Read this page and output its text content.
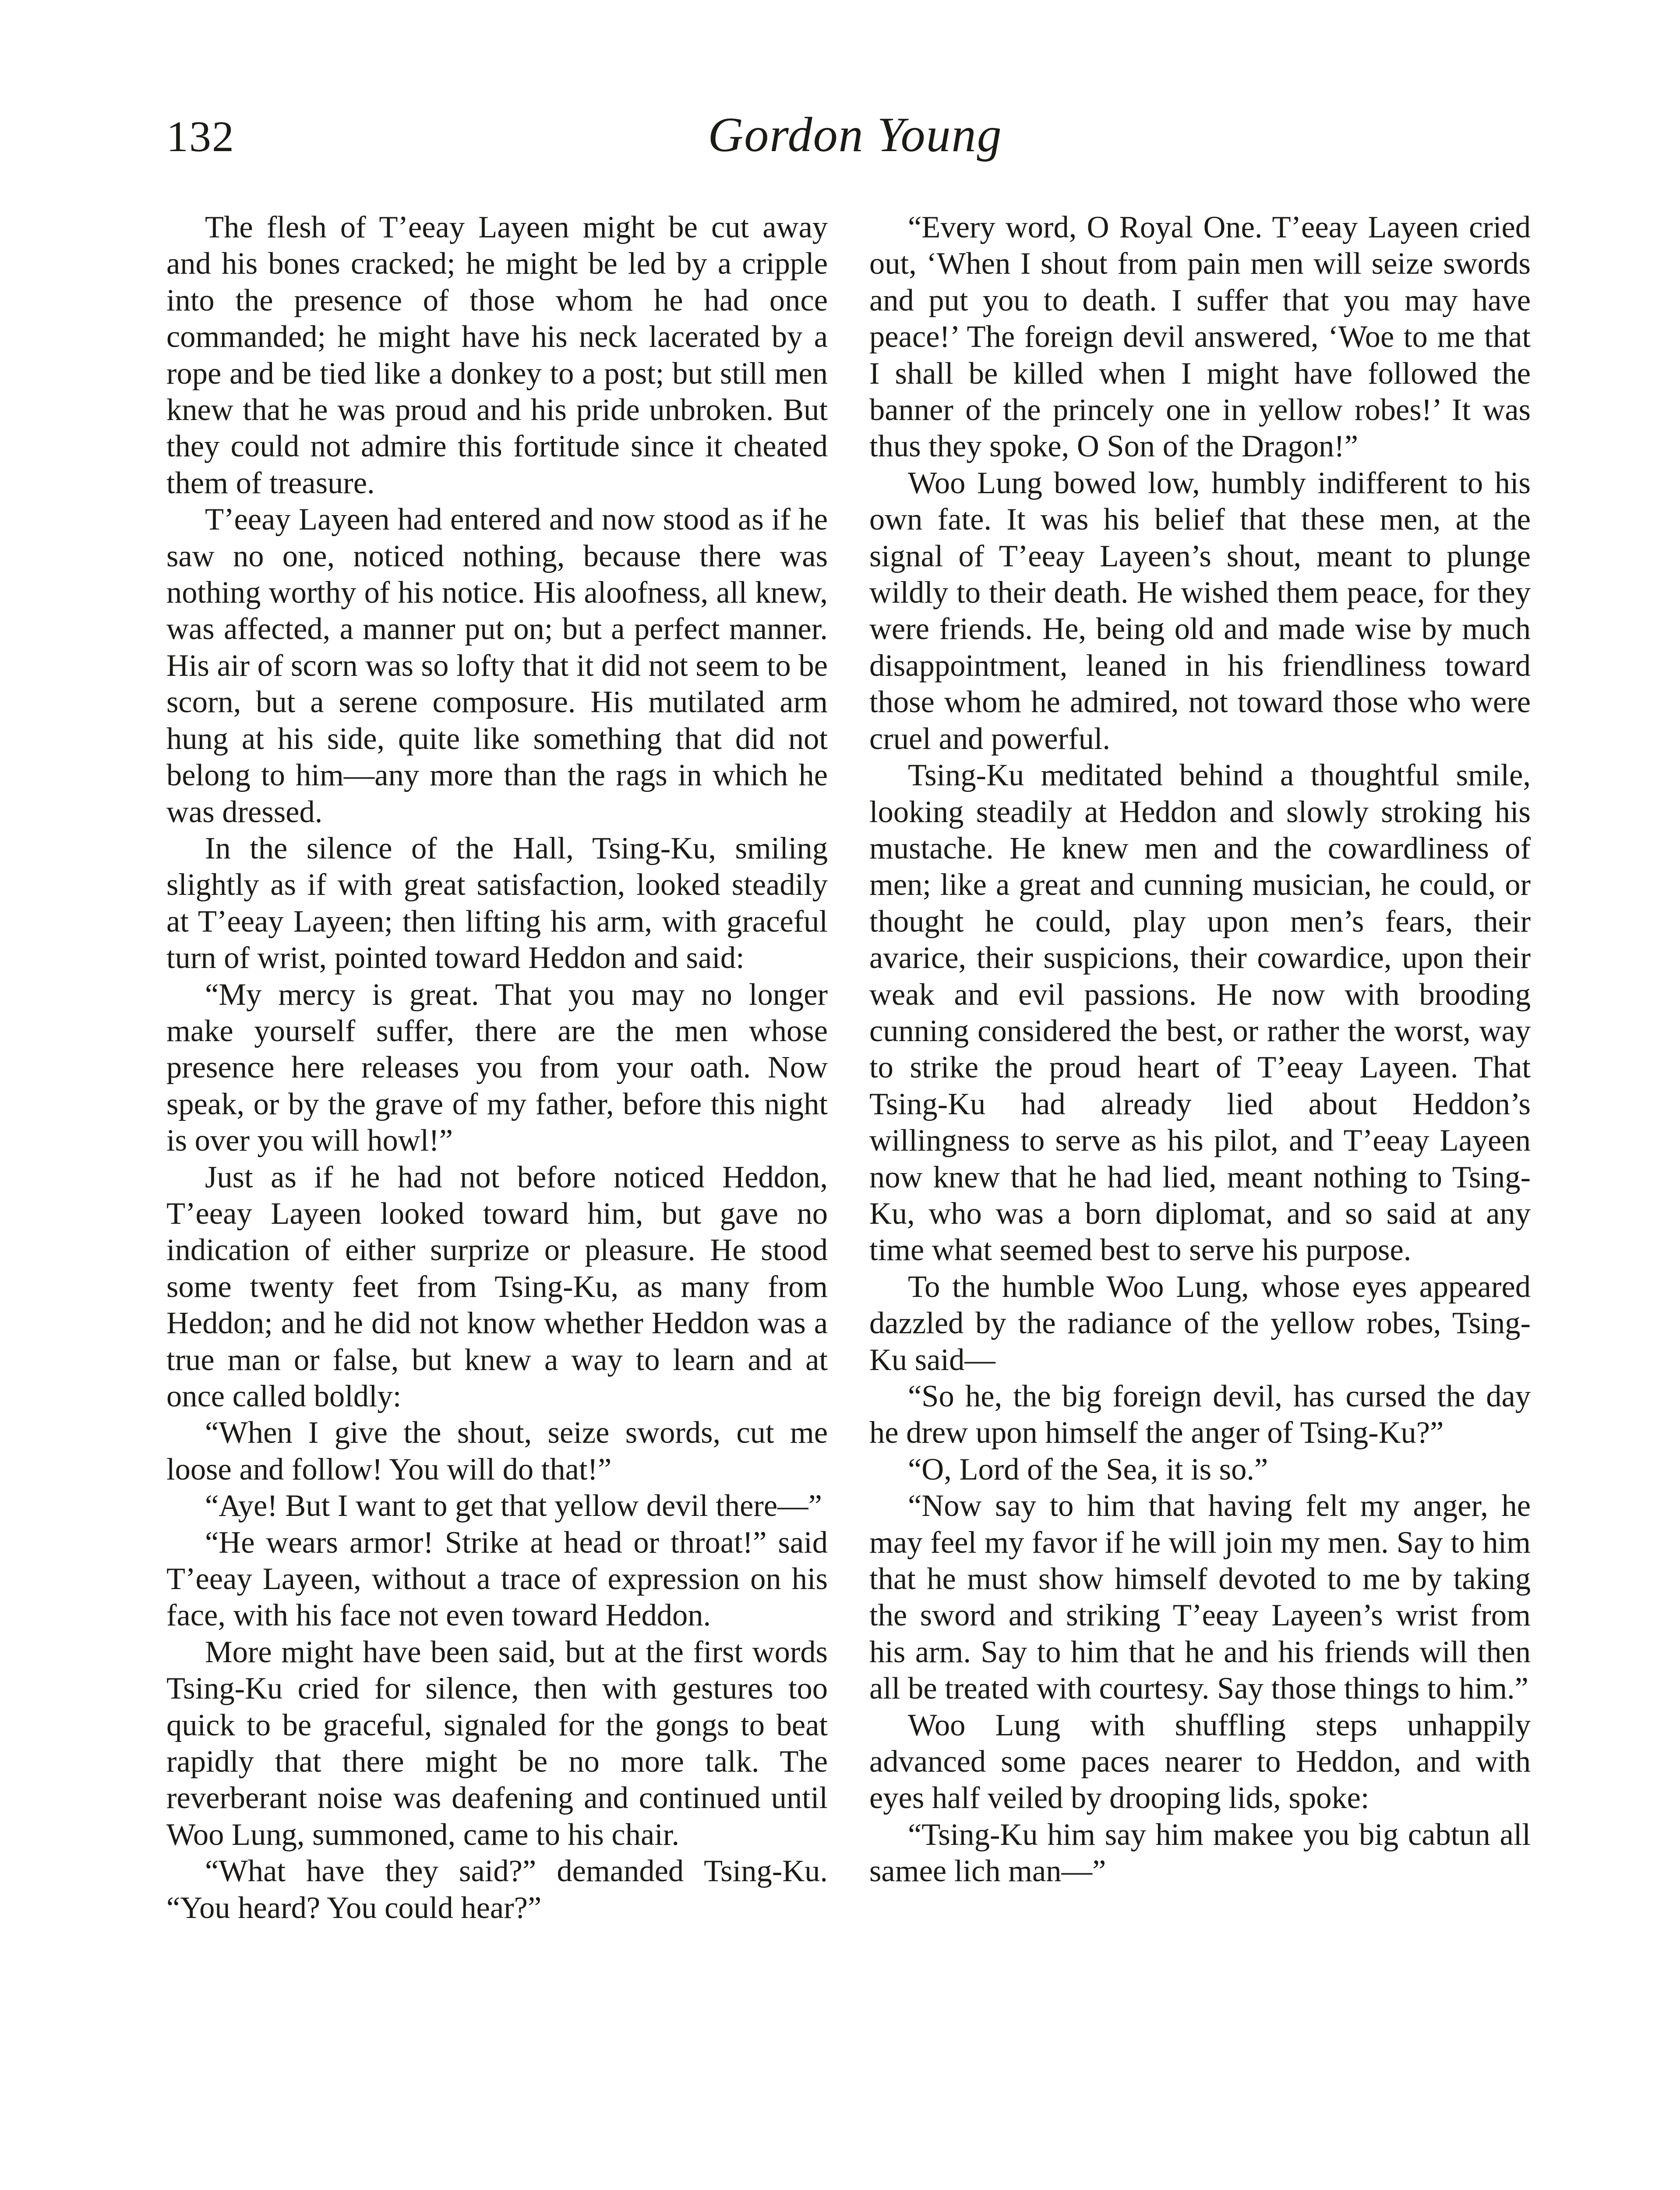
132	Gordon Young

The flesh of T’eeay Layeen might be cut away and his bones cracked; he might be led by a cripple into the presence of those whom he had once commanded; he might have his neck lacerated by a rope and be tied like a donkey to a post; but still men knew that he was proud and his pride unbroken. But they could not admire this fortitude since it cheated them of treasure.

T’eeay Layeen had entered and now stood as if he saw no one, noticed nothing, because there was nothing worthy of his notice. His aloofness, all knew, was affected, a manner put on; but a perfect manner. His air of scorn was so lofty that it did not seem to be scorn, but a serene composure. His mutilated arm hung at his side, quite like something that did not belong to him—any more than the rags in which he was dressed.

In the silence of the Hall, Tsing-Ku, smiling slightly as if with great satisfaction, looked steadily at T’eeay Layeen; then lifting his arm, with graceful turn of wrist, pointed toward Heddon and said:

“My mercy is great. That you may no longer make yourself suffer, there are the men whose presence here releases you from your oath. Now speak, or by the grave of my father, before this night is over you will howl!”

Just as if he had not before noticed Heddon, T’eeay Layeen looked toward him, but gave no indication of either surprize or pleasure. He stood some twenty feet from Tsing-Ku, as many from Heddon; and he did not know whether Heddon was a true man or false, but knew a way to learn and at once called boldly:

“When I give the shout, seize swords, cut me loose and follow! You will do that!”

“Aye! But I want to get that yellow devil there—”

“He wears armor! Strike at head or throat!” said T’eeay Layeen, without a trace of expression on his face, with his face not even toward Heddon.

More might have been said, but at the first words Tsing-Ku cried for silence, then with gestures too quick to be graceful, signaled for the gongs to beat rapidly that there might be no more talk. The reverberant noise was deafening and continued until Woo Lung, summoned, came to his chair.

“What have they said?” demanded Tsing-Ku. “You heard? You could hear?”

“Every word, O Royal One. T’eeay Layeen cried out, ‘When I shout from pain men will seize swords and put you to death. I suffer that you may have peace!’ The foreign devil answered, ‘Woe to me that I shall be killed when I might have followed the banner of the princely one in yellow robes!’ It was thus they spoke, O Son of the Dragon!”

Woo Lung bowed low, humbly indifferent to his own fate. It was his belief that these men, at the signal of T’eeay Layeen’s shout, meant to plunge wildly to their death. He wished them peace, for they were friends. He, being old and made wise by much disappointment, leaned in his friendliness toward those whom he admired, not toward those who were cruel and powerful.

Tsing-Ku meditated behind a thoughtful smile, looking steadily at Heddon and slowly stroking his mustache. He knew men and the cowardliness of men; like a great and cunning musician, he could, or thought he could, play upon men’s fears, their avarice, their suspicions, their cowardice, upon their weak and evil passions. He now with brooding cunning considered the best, or rather the worst, way to strike the proud heart of T’eeay Layeen. That Tsing-Ku had already lied about Heddon’s willingness to serve as his pilot, and T’eeay Layeen now knew that he had lied, meant nothing to Tsing-Ku, who was a born diplomat, and so said at any time what seemed best to serve his purpose.

To the humble Woo Lung, whose eyes appeared dazzled by the radiance of the yellow robes, Tsing-Ku said—

“So he, the big foreign devil, has cursed the day he drew upon himself the anger of Tsing-Ku?”

“O, Lord of the Sea, it is so.”

“Now say to him that having felt my anger, he may feel my favor if he will join my men. Say to him that he must show himself devoted to me by taking the sword and striking T’eeay Layeen’s wrist from his arm. Say to him that he and his friends will then all be treated with courtesy. Say those things to him.”

Woo Lung with shuffling steps unhappily advanced some paces nearer to Heddon, and with eyes half veiled by drooping lids, spoke:

“Tsing-Ku him say him makee you big cabtun all samee lich man—”
